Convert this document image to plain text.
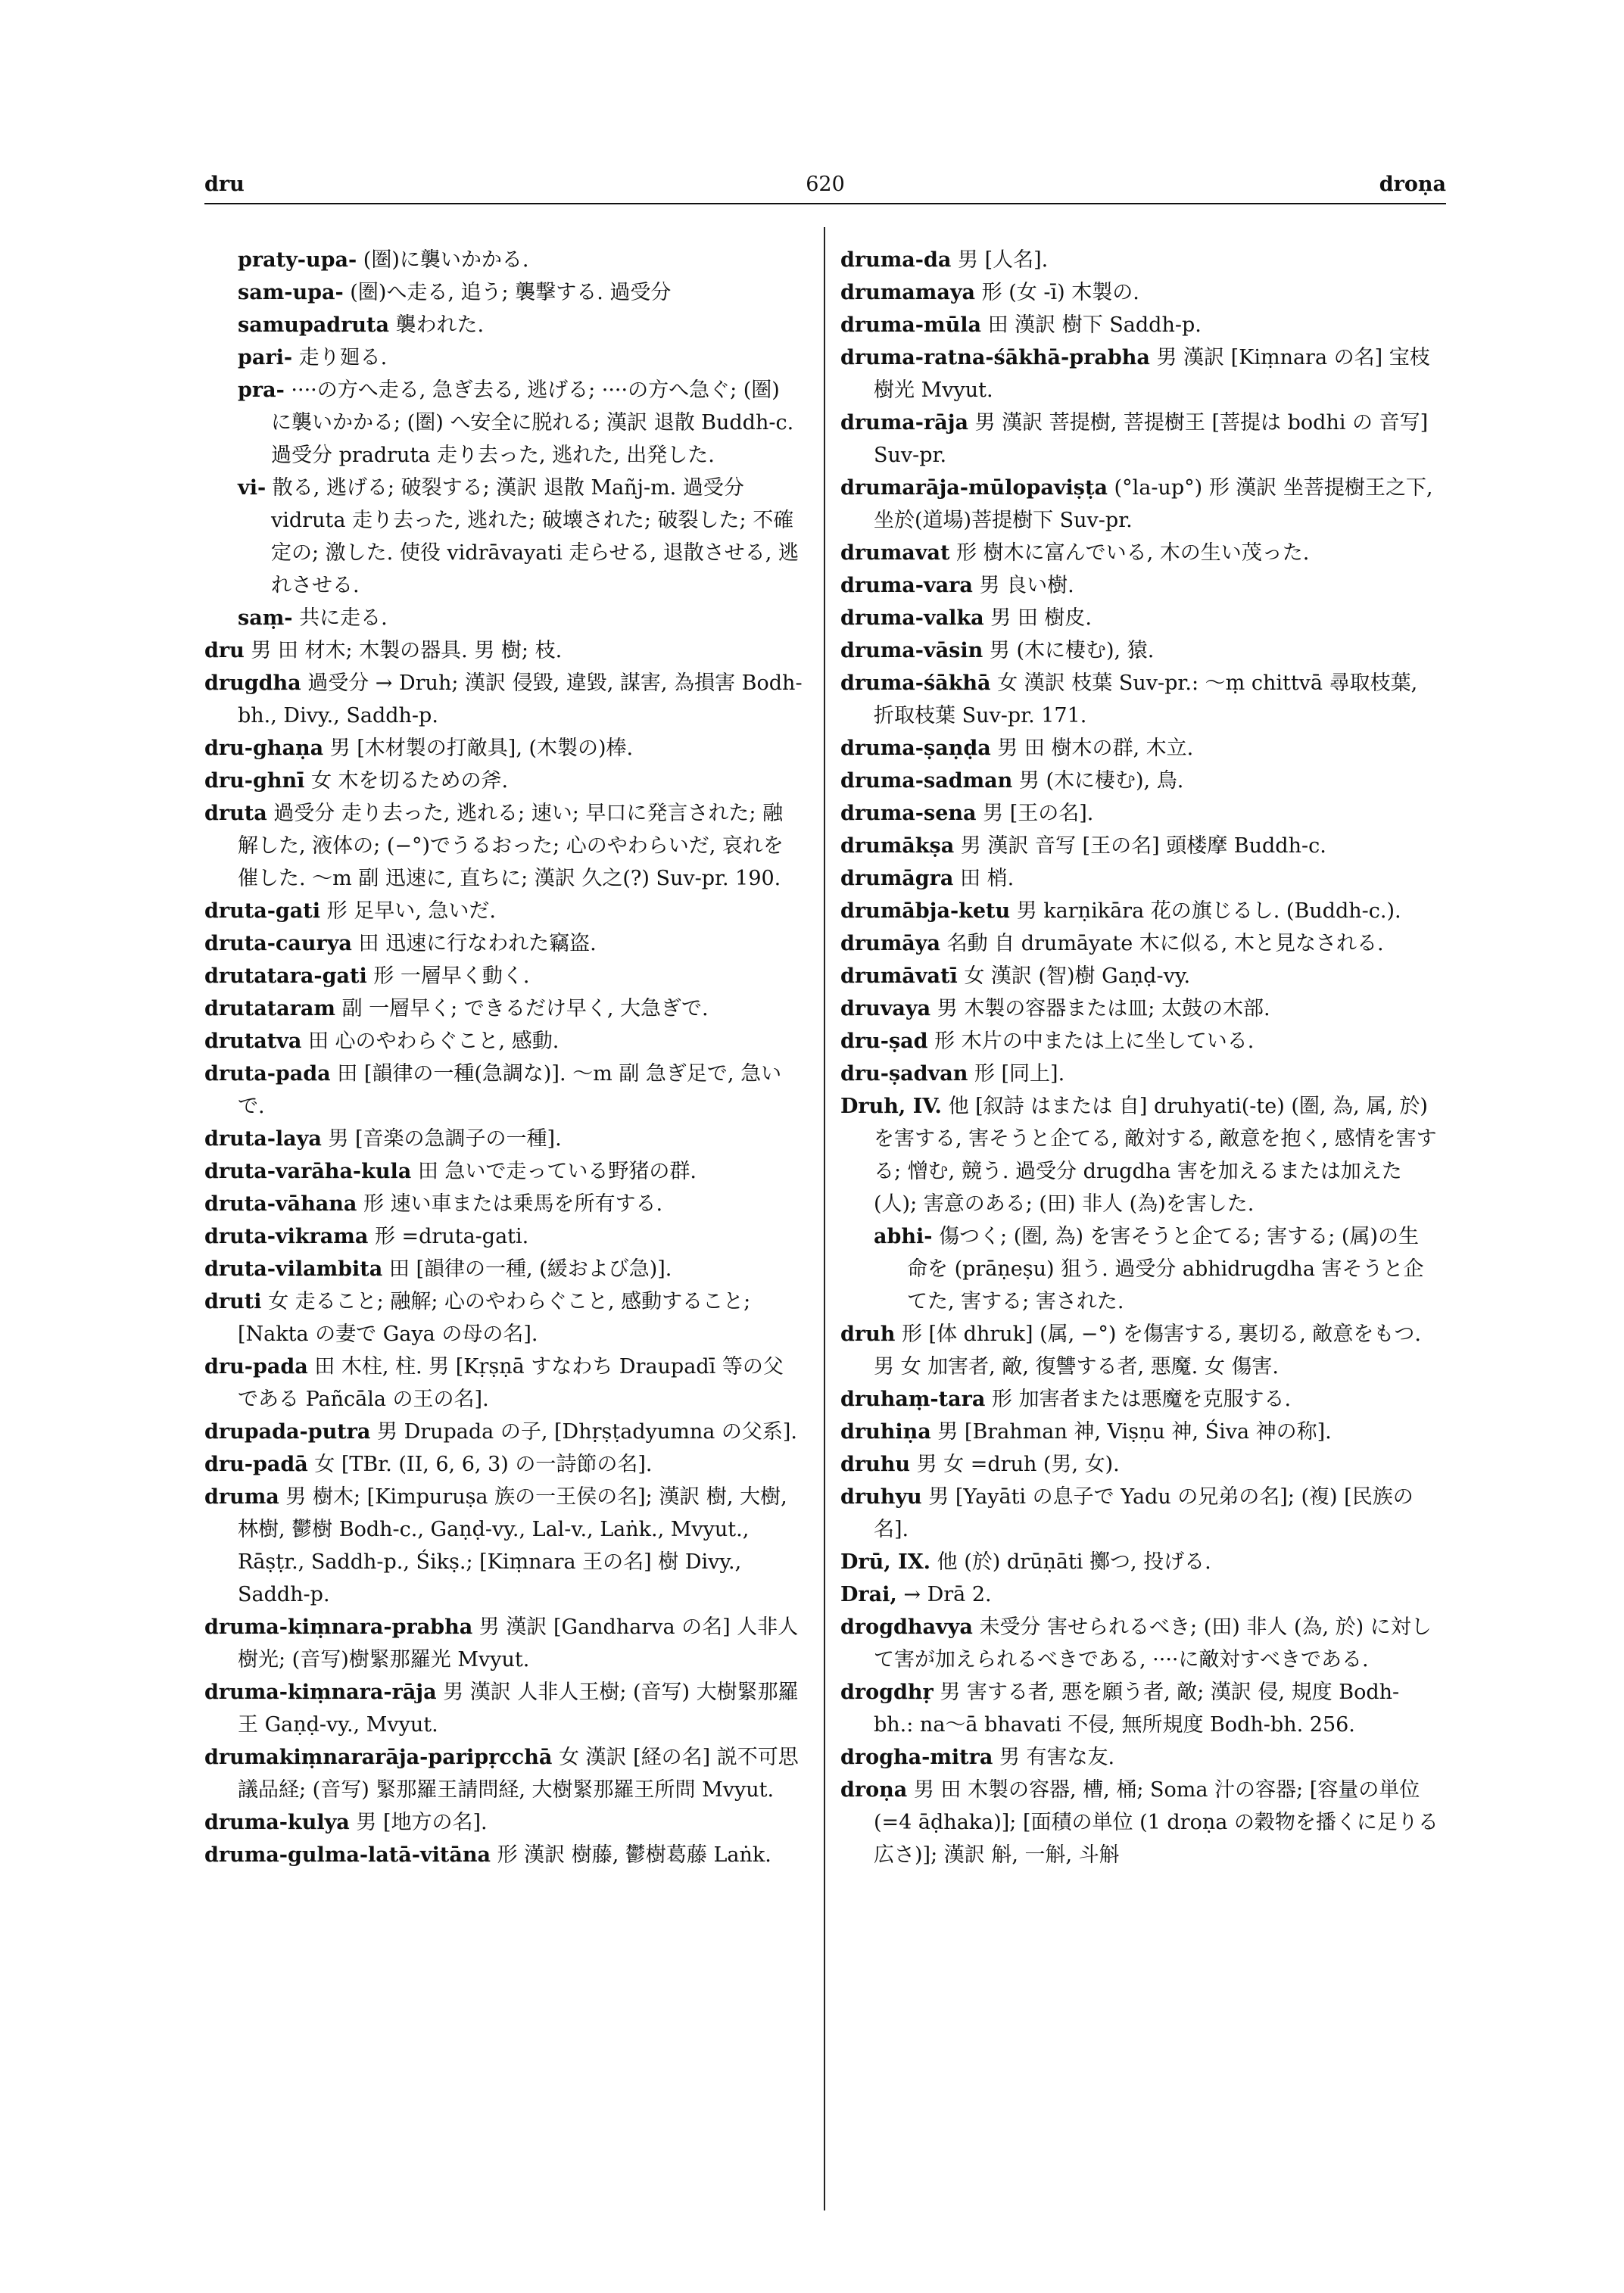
dru	620	droṇa

praty-upa- (圏)に襲いかかる.

sam-upa- (圏)へ走る, 追う; 襲撃する. 過受分

samupadruta 襲われた.

pari- 走り廻る.

pra- ····の方へ走る, 急ぎ去る, 逃げる; ····の方へ急ぐ; (圏) に襲いかかる; (圏) へ安全に脱れる; 漢訳 退散 Buddh-c. 過受分 pradruta 走り去った, 逃れた, 出発した.

vi- 散る, 逃げる; 破裂する; 漢訳 退散 Mañj-m. 過受分 vidruta 走り去った, 逃れた; 破壊された; 破裂した; 不確定の; 激した. 使役 vidrāvayati 走らせる, 退散させる, 逃れさせる.

saṃ- 共に走る.

dru 男 田 材木; 木製の器具. 男 樹; 枝.

drugdha 過受分 → Druh; 漢訳 侵毀, 違毀, 謀害, 為損害 Bodh-bh., Divy., Saddh-p.

dru-ghaṇa 男 [木材製の打敵具], (木製の)棒.

dru-ghnī 女 木を切るための斧.

druta 過受分 走り去った, 逃れる; 速い; 早口に発言された; 融解した, 液体の; (−°)でうるおった; 心のやわらいだ, 哀れを催した. ～m 副 迅速に, 直ちに; 漢訳 久之(?) Suv-pr. 190.

druta-gati 形 足早い, 急いだ.

druta-caurya 田 迅速に行なわれた竊盗.

drutatara-gati 形 一層早く動く.

drutataram 副 一層早く; できるだけ早く, 大急ぎで.

drutatva 田 心のやわらぐこと, 感動.

druta-pada 田 [韻律の一種(急調な)]. ～m 副 急ぎ足で, 急いで.

druta-laya 男 [音楽の急調子の一種].

druta-varāha-kula 田 急いで走っている野猪の群.

druta-vāhana 形 速い車または乗馬を所有する.

druta-vikrama 形 =druta-gati.

druta-vilambita 田 [韻律の一種, (緩および急)].

druti 女 走ること; 融解; 心のやわらぐこと, 感動すること; [Nakta の妻で Gaya の母の名].

dru-pada 田 木柱, 柱. 男 [Kṛṣṇā すなわち Draupadī 等の父である Pañcāla の王の名].

drupada-putra 男 Drupada の子, [Dhṛṣṭadyumna の父系].

dru-padā 女 [TBr. (II, 6, 6, 3) の一詩節の名].

druma 男 樹木; [Kimpuruṣa 族の一王侯の名]; 漢訳 樹, 大樹, 林樹, 鬱樹 Bodh-c., Gaṇḍ-vy., Lal-v., Laṅk., Mvyut., Rāṣṭr., Saddh-p., Śikṣ.; [Kiṃnara 王の名] 樹 Divy., Saddh-p.

druma-kiṃnara-prabha 男 漢訳 [Gandharva の名] 人非人樹光; (音写)樹緊那羅光 Mvyut.

druma-kiṃnara-rāja 男 漢訳 人非人王樹; (音写) 大樹緊那羅王 Gaṇḍ-vy., Mvyut.

drumakiṃnararāja-paripṛcchā 女 漢訳 [経の名] 説不可思議品経; (音写) 緊那羅王請問経, 大樹緊那羅王所問 Mvyut.

druma-kulya 男 [地方の名].

druma-gulma-latā-vitāna 形 漢訳 樹藤, 鬱樹葛藤 Laṅk.

druma-da 男 [人名].

drumamaya 形 (女 -ī) 木製の.

druma-mūla 田 漢訳 樹下 Saddh-p.

druma-ratna-śākhā-prabha 男 漢訳 [Kiṃnara の名] 宝枝樹光 Mvyut.

druma-rāja 男 漢訳 菩提樹, 菩提樹王 [菩提は bodhi の 音写] Suv-pr.

drumarāja-mūlopaviṣṭa (°la-up°) 形 漢訳 坐菩提樹王之下, 坐於(道場)菩提樹下 Suv-pr.

drumavat 形 樹木に富んでいる, 木の生い茂った.

druma-vara 男 良い樹.

druma-valka 男 田 樹皮.

druma-vāsin 男 (木に棲む), 猿.

druma-śākhā 女 漢訳 枝葉 Suv-pr.: ～ṃ chittvā 尋取枝葉, 折取枝葉 Suv-pr. 171.

druma-ṣaṇḍa 男 田 樹木の群, 木立.

druma-sadman 男 (木に棲む), 鳥.

druma-sena 男 [王の名].

drumākṣa 男 漢訳 音写 [王の名] 頭楼摩 Buddh-c.

drumāgra 田 梢.

drumābja-ketu 男 karṇikāra 花の旗じるし. (Buddh-c.).

drumāya 名動 自 drumāyate 木に似る, 木と見なされる.

drumāvatī 女 漢訳 (智)樹 Gaṇḍ-vy.

druvaya 男 木製の容器または皿; 太鼓の木部.

dru-ṣad 形 木片の中または上に坐している.

dru-ṣadvan 形 [同上].

Druh, IV. 他 [叙詩 はまたは 自] druhyati(-te) (圏, 為, 属, 於) を害する, 害そうと企てる, 敵対する, 敵意を抱く, 感情を害する; 憎む, 競う. 過受分 drugdha 害を加えるまたは加えた(人); 害意のある; (田) 非人 (為)を害した.

abhi- 傷つく; (圏, 為) を害そうと企てる; 害する; (属)の生命を (prāṇeṣu) 狙う. 過受分 abhidrugdha 害そうと企てた, 害する; 害された.

druh 形 [体 dhruk] (属, −°) を傷害する, 裏切る, 敵意をもつ. 男 女 加害者, 敵, 復讐する者, 悪魔. 女 傷害.

druhaṃ-tara 形 加害者または悪魔を克服する.

druhiṇa 男 [Brahman 神, Viṣṇu 神, Śiva 神の称].

druhu 男 女 =druh (男, 女).

druhyu 男 [Yayāti の息子で Yadu の兄弟の名]; (複) [民族の名].

Drū, IX. 他 (於) drūṇāti 擲つ, 投げる.

Drai, → Drā 2.

drogdhavya 未受分 害せられるべき; (田) 非人 (為, 於) に対して害が加えられるべきである, ····に敵対すべきである.

drogdhṛ 男 害する者, 悪を願う者, 敵; 漢訳 侵, 規度 Bodh-bh.: na～ā bhavati 不侵, 無所規度 Bodh-bh. 256.

drogha-mitra 男 有害な友.

droṇa 男 田 木製の容器, 槽, 桶; Soma 汁の容器; [容量の単位 (=4 āḍhaka)]; [面積の単位 (1 droṇa の穀物を播くに足りる広さ)]; 漢訳 斛, 一斛, 斗斛
